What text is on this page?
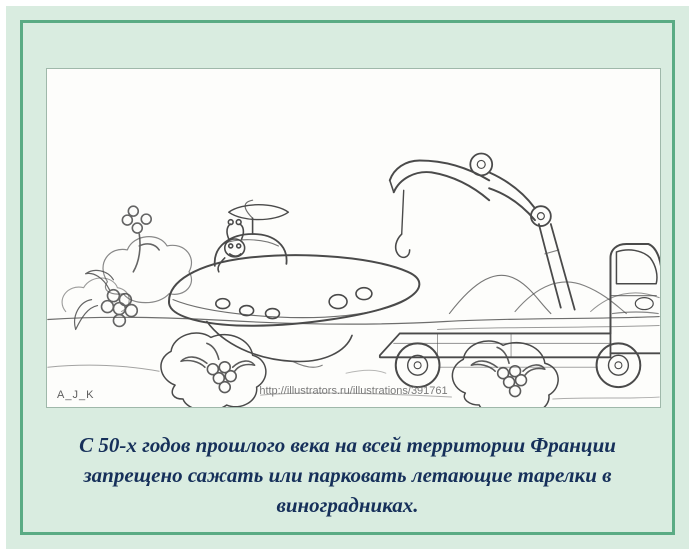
A_J_K	http://illustrators.ru/illustrations/391761
С 50-х годов прошлого века на всей территории Франции
запрещено сажать или парковать летающие тарелки в
виноградниках.
